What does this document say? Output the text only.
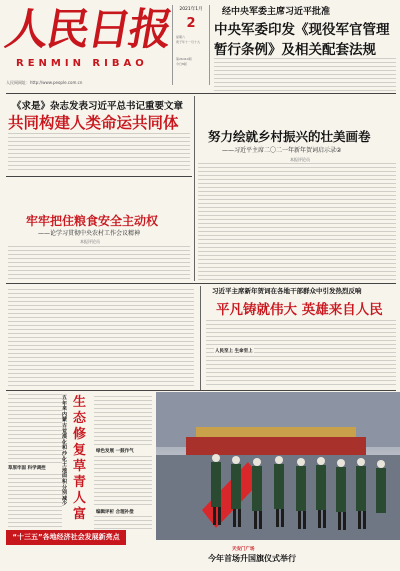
人民日报
RENMIN RIBAO
人民网网址：http://www.people.com.cn
2021年1月
2
星期六
庚子年十一月十九
第26410期
今日8版
经中央军委主席习近平批准
中央军委印发《现役军官管理
暂行条例》及相关配套法规
《求是》杂志发表习近平总书记重要文章
共同构建人类命运共同体
努力绘就乡村振兴的壮美画卷
——习近平主席二〇二一年新年贺词启示录②
本报评论员
牢牢把住粮食安全主动权
——论学习贯彻中央农村工作会议精神
本报评论员
习近平主席新年贺词在各地干部群众中引发热烈反响
平凡铸就伟大 英雄来自人民
人民至上 生命至上
草原牢固 科学调控
五年来内蒙古荒漠化和沙化土地面积分别减少
生态修复 草青人富
绿色发展 一鼓作气
编辑评析 合理补偿
天安门广场
今年首场升国旗仪式举行
“十三五”各地经济社会发展新亮点
